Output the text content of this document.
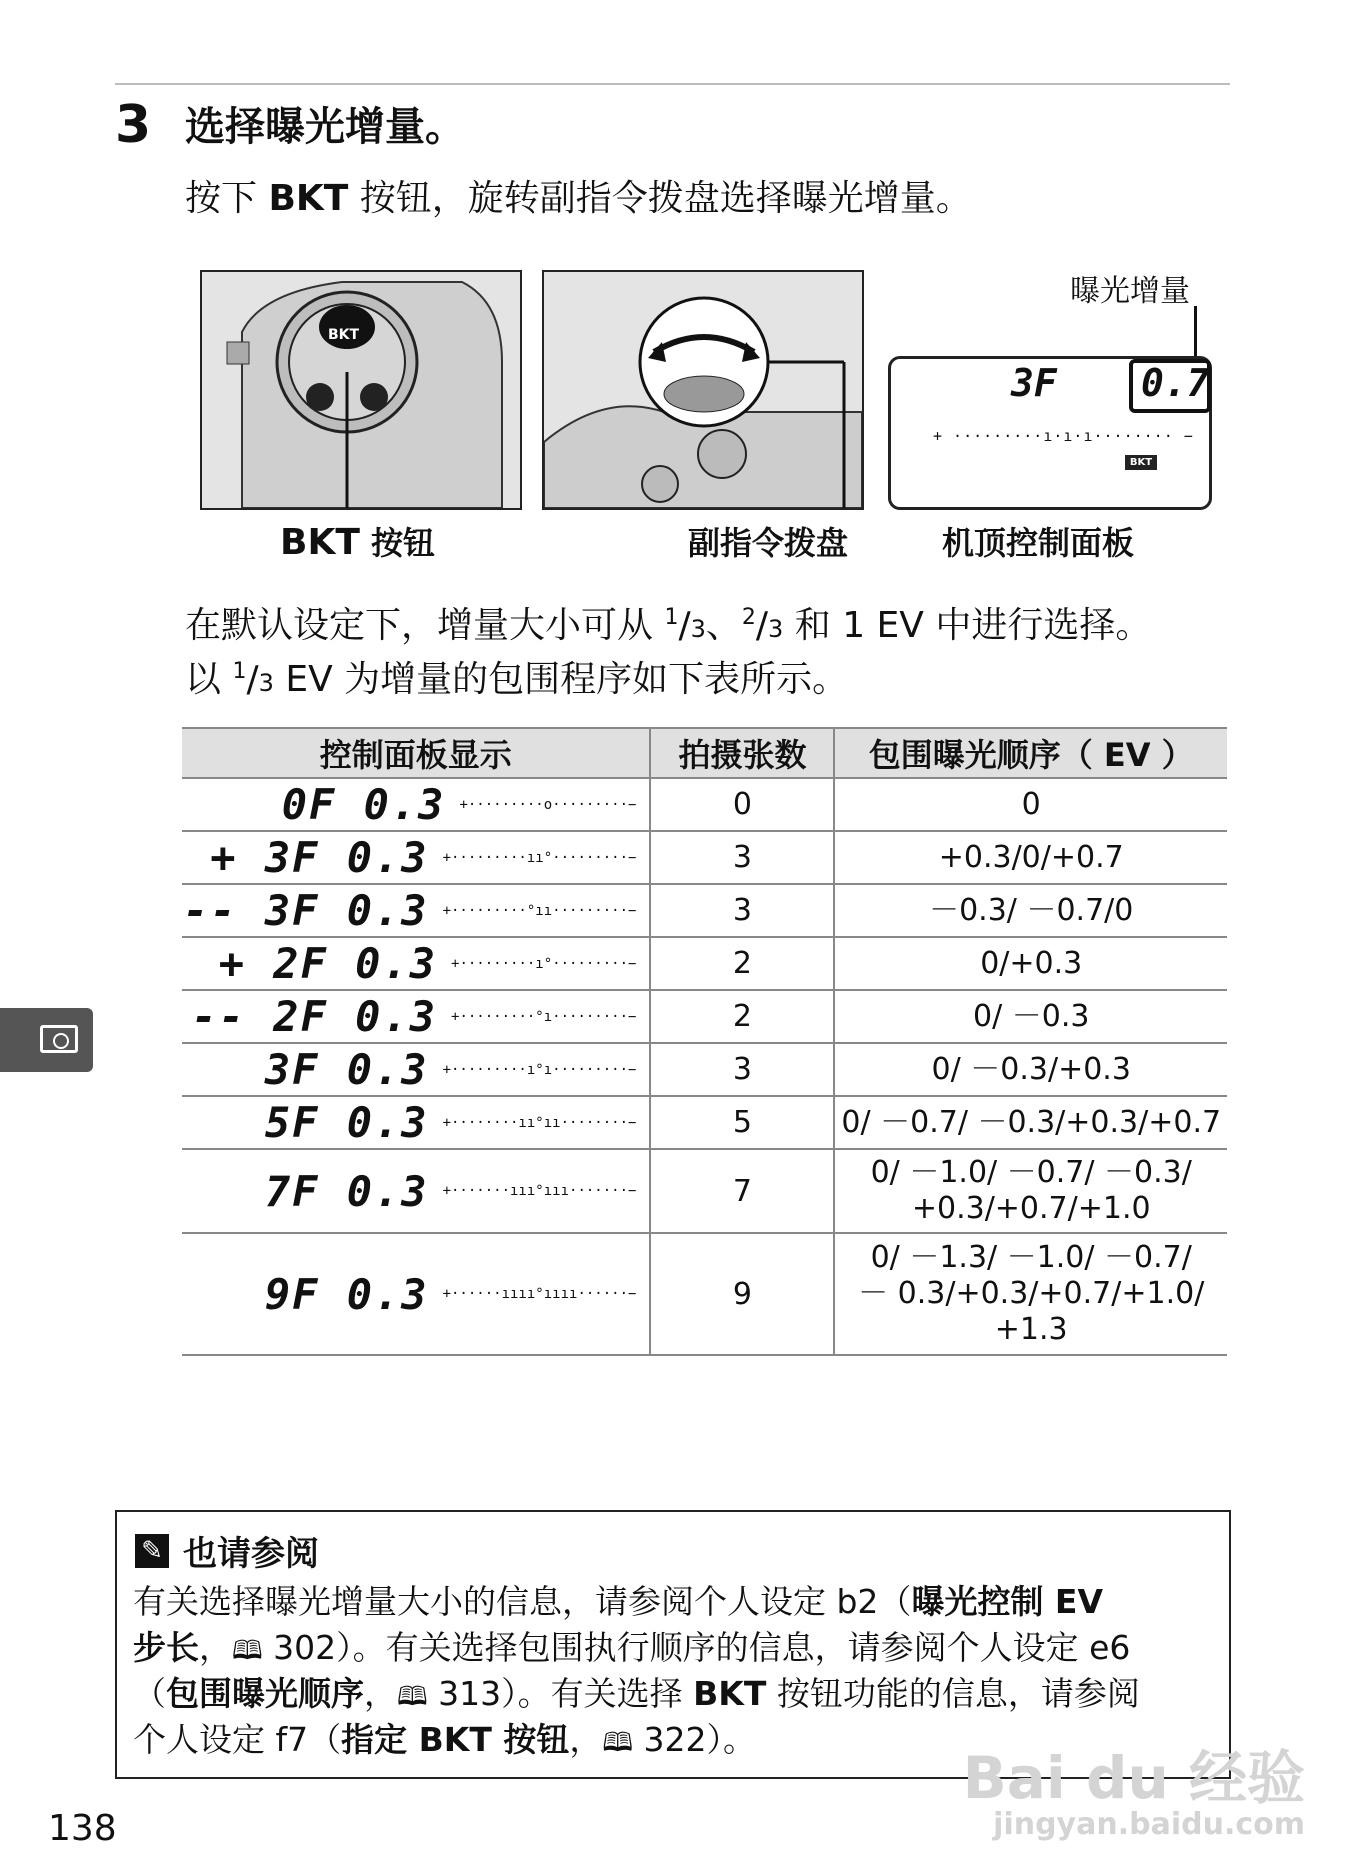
3 选择曝光增量。
按下 BKT 按钮，旋转副指令拨盘选择曝光增量。
BKT
曝光增量
3F 0.7
+ ·········ı·ı·ı········ −
BKT
BKT 按钮	副指令拨盘	机顶控制面板
在默认设定下，增量大小可从 $^1$/3、$^2$/3 和 1 EV 中进行选择。
以 $^1$/3 EV 为增量的包围程序如下表所示。
控制面板显示	拍摄张数	包围曝光顺序（ EV ）

0F 0.3 +·········o·········−	0	0

+ 3F 0.3 +·········ıı°·········−	3	+0.3/0/+0.7

-- 3F 0.3 +·········°ıı·········−	3	－0.3/ －0.7/0

+ 2F 0.3 +·········ı°·········−	2	0/+0.3

-- 2F 0.3 +·········°ı·········−	2	0/ －0.3

3F 0.3 +·········ı°ı·········−	3	0/ －0.3/+0.3

5F 0.3 +········ıı°ıı········−	5	0/ －0.7/ －0.3/+0.3/+0.7

7F 0.3 +·······ııı°ııı·······−	7	0/ －1.0/ －0.7/ －0.3/
+0.3/+0.7/+1.0

9F 0.3 +······ıııı°ıııı······−	9	0/ －1.3/ －1.0/ －0.7/
－ 0.3/+0.3/+0.7/+1.0/
+1.3
✎ 也请参阅
有关选择曝光增量大小的信息，请参阅个人设定 b2（曝光控制 EV
步长，🕮 302）。有关选择包围执行顺序的信息，请参阅个人设定 e6
（包围曝光顺序，🕮 313）。有关选择 BKT 按钮功能的信息，请参阅
个人设定 f7（指定 BKT 按钮，🕮 322）。
138
Bai du 经验
jingyan.baidu.com
